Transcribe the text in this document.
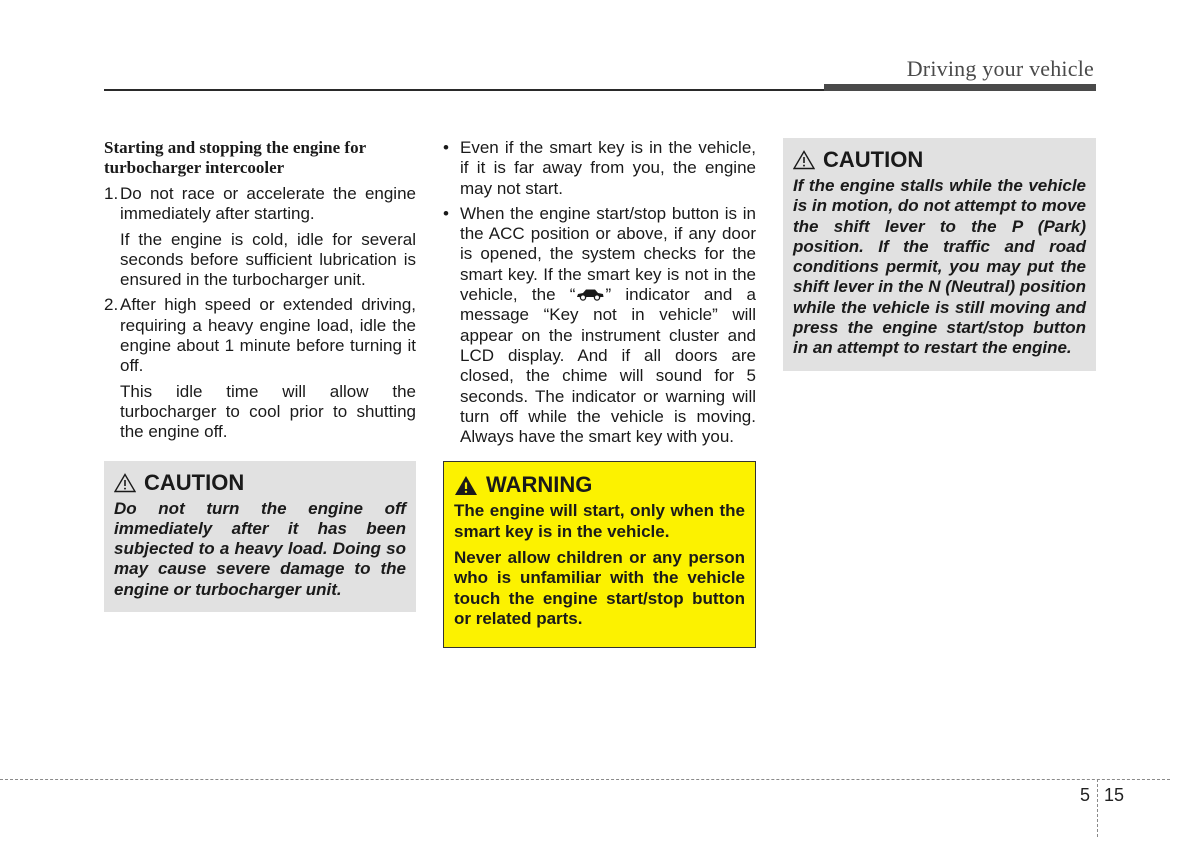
Driving your vehicle
Starting and stopping the engine for turbocharger intercooler
1. Do not race or accelerate the engine immediately after starting.
If the engine is cold, idle for several seconds before sufficient lubrication is ensured in the turbocharger unit.
2. After high speed or extended driving, requiring a heavy engine load, idle the engine about 1 minute before turning it off.
This idle time will allow the turbocharger to cool prior to shutting the engine off.
CAUTION
Do not turn the engine off immediately after it has been subjected to a heavy load. Doing so may cause severe damage to the engine or turbocharger unit.
• Even if the smart key is in the vehicle, if it is far away from you, the engine may not start.
• When the engine start/stop button is in the ACC position or above, if any door is opened, the system checks for the smart key. If the smart key is not in the vehicle, the “ ” indicator and a message “Key not in vehicle” will appear on the instrument cluster and LCD display. And if all doors are closed, the chime will sound for 5 seconds. The indicator or warning will turn off while the vehicle is moving. Always have the smart key with you.
WARNING

The engine will start, only when the smart key is in the vehicle.

Never allow children or any person who is unfamiliar with the vehicle touch the engine start/stop button or related parts.

CAUTION
If the engine stalls while the vehicle is in motion, do not attempt to move the shift lever to the P (Park) position. If the traffic and road conditions permit, you may put the shift lever in the N (Neutral) position while the vehicle is still moving and press the engine start/stop button in an attempt to restart the engine.
5 15
